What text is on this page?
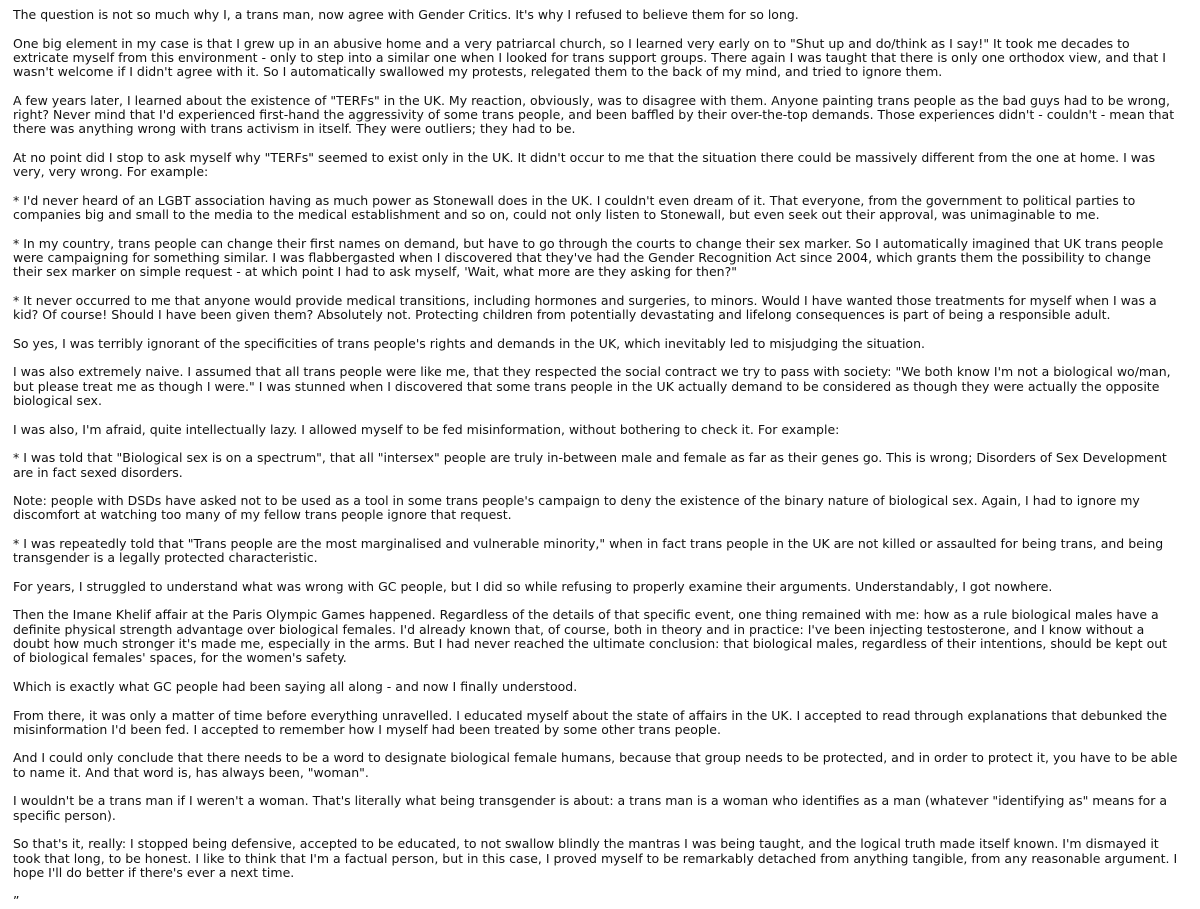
The question is not so much why I, a trans man, now agree with Gender Critics. It's why I refused to believe them for so long.

One big element in my case is that I grew up in an abusive home and a very patriarcal church, so I learned very early on to "Shut up and do/think as I say!" It took me decades to extricate myself from this environment - only to step into a similar one when I looked for trans support groups. There again I was taught that there is only one orthodox view, and that I wasn't welcome if I didn't agree with it. So I automatically swallowed my protests, relegated them to the back of my mind, and tried to ignore them.

A few years later, I learned about the existence of "TERFs" in the UK. My reaction, obviously, was to disagree with them. Anyone painting trans people as the bad guys had to be wrong, right? Never mind that I'd experienced first-hand the aggressivity of some trans people, and been baffled by their over-the-top demands. Those experiences didn't - couldn't - mean that there was anything wrong with trans activism in itself. They were outliers; they had to be.

At no point did I stop to ask myself why "TERFs" seemed to exist only in the UK. It didn't occur to me that the situation there could be massively different from the one at home. I was very, very wrong. For example:

* I'd never heard of an LGBT association having as much power as Stonewall does in the UK. I couldn't even dream of it. That everyone, from the government to political parties to companies big and small to the media to the medical establishment and so on, could not only listen to Stonewall, but even seek out their approval, was unimaginable to me.

* In my country, trans people can change their first names on demand, but have to go through the courts to change their sex marker. So I automatically imagined that UK trans people were campaigning for something similar. I was flabbergasted when I discovered that they've had the Gender Recognition Act since 2004, which grants them the possibility to change their sex marker on simple request - at which point I had to ask myself, 'Wait, what more are they asking for then?"

* It never occurred to me that anyone would provide medical transitions, including hormones and surgeries, to minors. Would I have wanted those treatments for myself when I was a kid? Of course! Should I have been given them? Absolutely not. Protecting children from potentially devastating and lifelong consequences is part of being a responsible adult.

So yes, I was terribly ignorant of the specificities of trans people's rights and demands in the UK, which inevitably led to misjudging the situation.

I was also extremely naive. I assumed that all trans people were like me, that they respected the social contract we try to pass with society: "We both know I'm not a biological wo/man, but please treat me as though I were." I was stunned when I discovered that some trans people in the UK actually demand to be considered as though they were actually the opposite biological sex.

I was also, I'm afraid, quite intellectually lazy. I allowed myself to be fed misinformation, without bothering to check it. For example:

* I was told that "Biological sex is on a spectrum", that all "intersex" people are truly in-between male and female as far as their genes go. This is wrong; Disorders of Sex Development are in fact sexed disorders.

Note: people with DSDs have asked not to be used as a tool in some trans people's campaign to deny the existence of the binary nature of biological sex. Again, I had to ignore my discomfort at watching too many of my fellow trans people ignore that request.

* I was repeatedly told that "Trans people are the most marginalised and vulnerable minority," when in fact trans people in the UK are not killed or assaulted for being trans, and being transgender is a legally protected characteristic.

For years, I struggled to understand what was wrong with GC people, but I did so while refusing to properly examine their arguments. Understandably, I got nowhere.

Then the Imane Khelif affair at the Paris Olympic Games happened. Regardless of the details of that specific event, one thing remained with me: how as a rule biological males have a definite physical strength advantage over biological females. I'd already known that, of course, both in theory and in practice: I've been injecting testosterone, and I know without a doubt how much stronger it's made me, especially in the arms. But I had never reached the ultimate conclusion: that biological males, regardless of their intentions, should be kept out of biological females' spaces, for the women's safety.

Which is exactly what GC people had been saying all along - and now I finally understood.

From there, it was only a matter of time before everything unravelled. I educated myself about the state of affairs in the UK. I accepted to read through explanations that debunked the misinformation I'd been fed. I accepted to remember how I myself had been treated by some other trans people.

And I could only conclude that there needs to be a word to designate biological female humans, because that group needs to be protected, and in order to protect it, you have to be able to name it. And that word is, has always been, "woman".

I wouldn't be a trans man if I weren't a woman. That's literally what being transgender is about: a trans man is a woman who identifies as a man (whatever "identifying as" means for a specific person).

So that's it, really: I stopped being defensive, accepted to be educated, to not swallow blindly the mantras I was being taught, and the logical truth made itself known. I'm dismayed it took that long, to be honest. I like to think that I'm a factual person, but in this case, I proved myself to be remarkably detached from anything tangible, from any reasonable argument. I hope I'll do better if there's ever a next time.

”
